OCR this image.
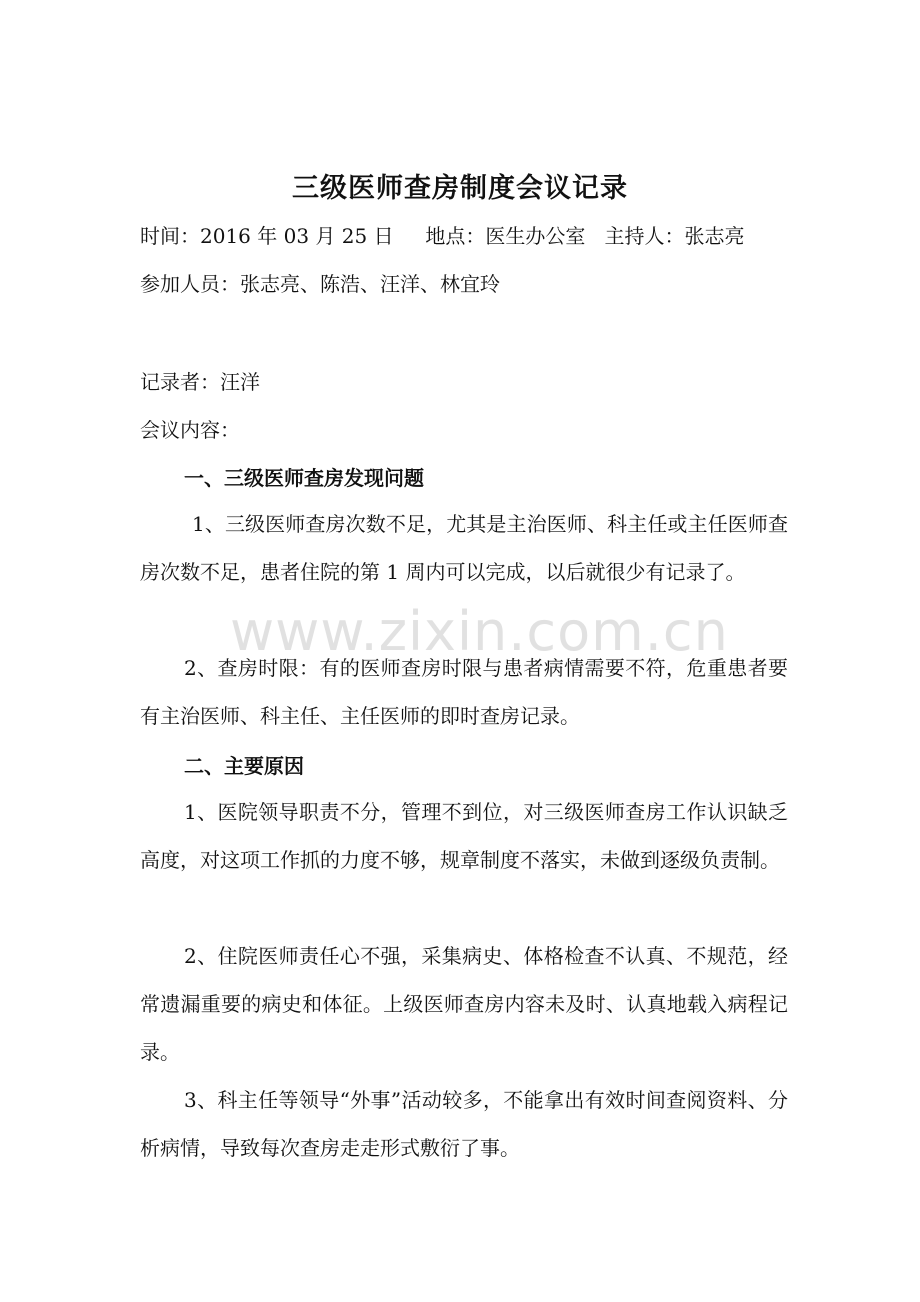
三级医师查房制度会议记录
时间：2016 年 03 月 25 日     地点：医生办公室   主持人：张志亮
参加人员：张志亮、陈浩、汪洋、林宜玲
记录者：汪洋
会议内容：
一、三级医师查房发现问题
1、三级医师查房次数不足，尤其是主治医师、科主任或主任医师查房次数不足，患者住院的第 1 周内可以完成，以后就很少有记录了。
2、查房时限：有的医师查房时限与患者病情需要不符，危重患者要有主治医师、科主任、主任医师的即时查房记录。
二、主要原因
1、医院领导职责不分，管理不到位，对三级医师查房工作认识缺乏高度，对这项工作抓的力度不够，规章制度不落实，未做到逐级负责制。
2、住院医师责任心不强，采集病史、体格检查不认真、不规范，经常遗漏重要的病史和体征。上级医师查房内容未及时、认真地载入病程记录。
3、科主任等领导“外事”活动较多，不能拿出有效时间查阅资料、分析病情，导致每次查房走走形式敷衍了事。
www.zixin.com.cn
